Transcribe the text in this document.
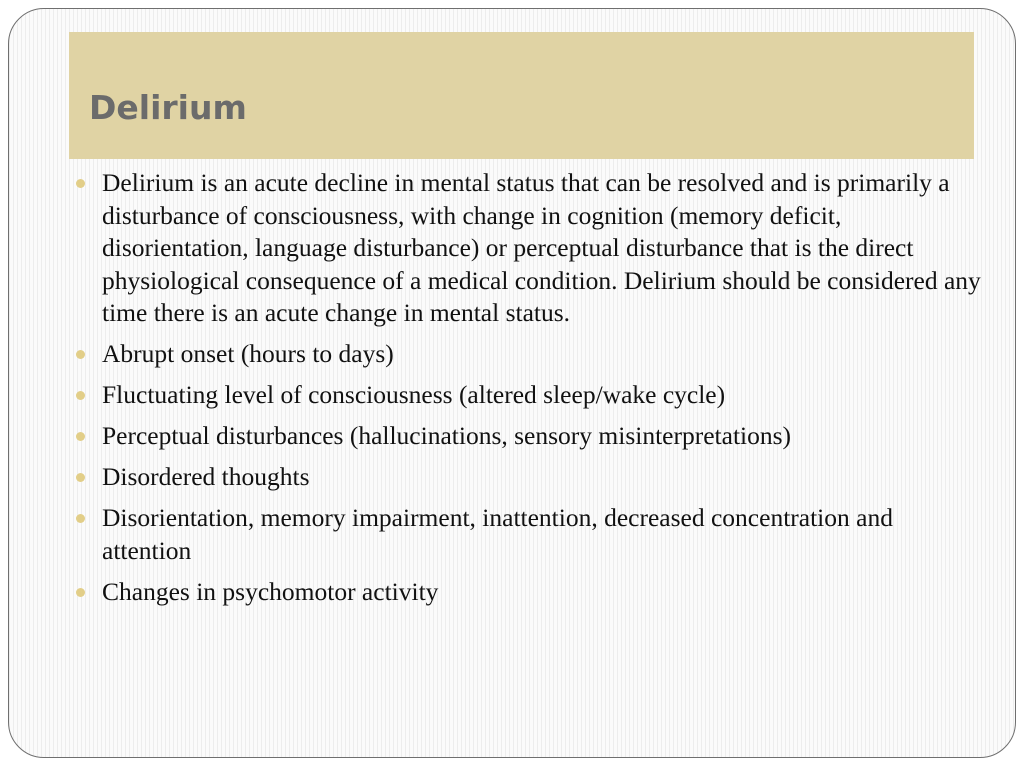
Delirium
Delirium is an acute decline in mental status that can be resolved and is primarily a disturbance of consciousness, with change in cognition (memory deficit, disorientation, language disturbance) or perceptual disturbance that is the direct physiological consequence of a medical condition. Delirium should be considered any time there is an acute change in mental status.
Abrupt onset (hours to days)
Fluctuating level of consciousness (altered sleep/wake cycle)
Perceptual disturbances (hallucinations, sensory misinterpretations)
Disordered thoughts
Disorientation, memory impairment, inattention, decreased concentration and attention
Changes in psychomotor activity
